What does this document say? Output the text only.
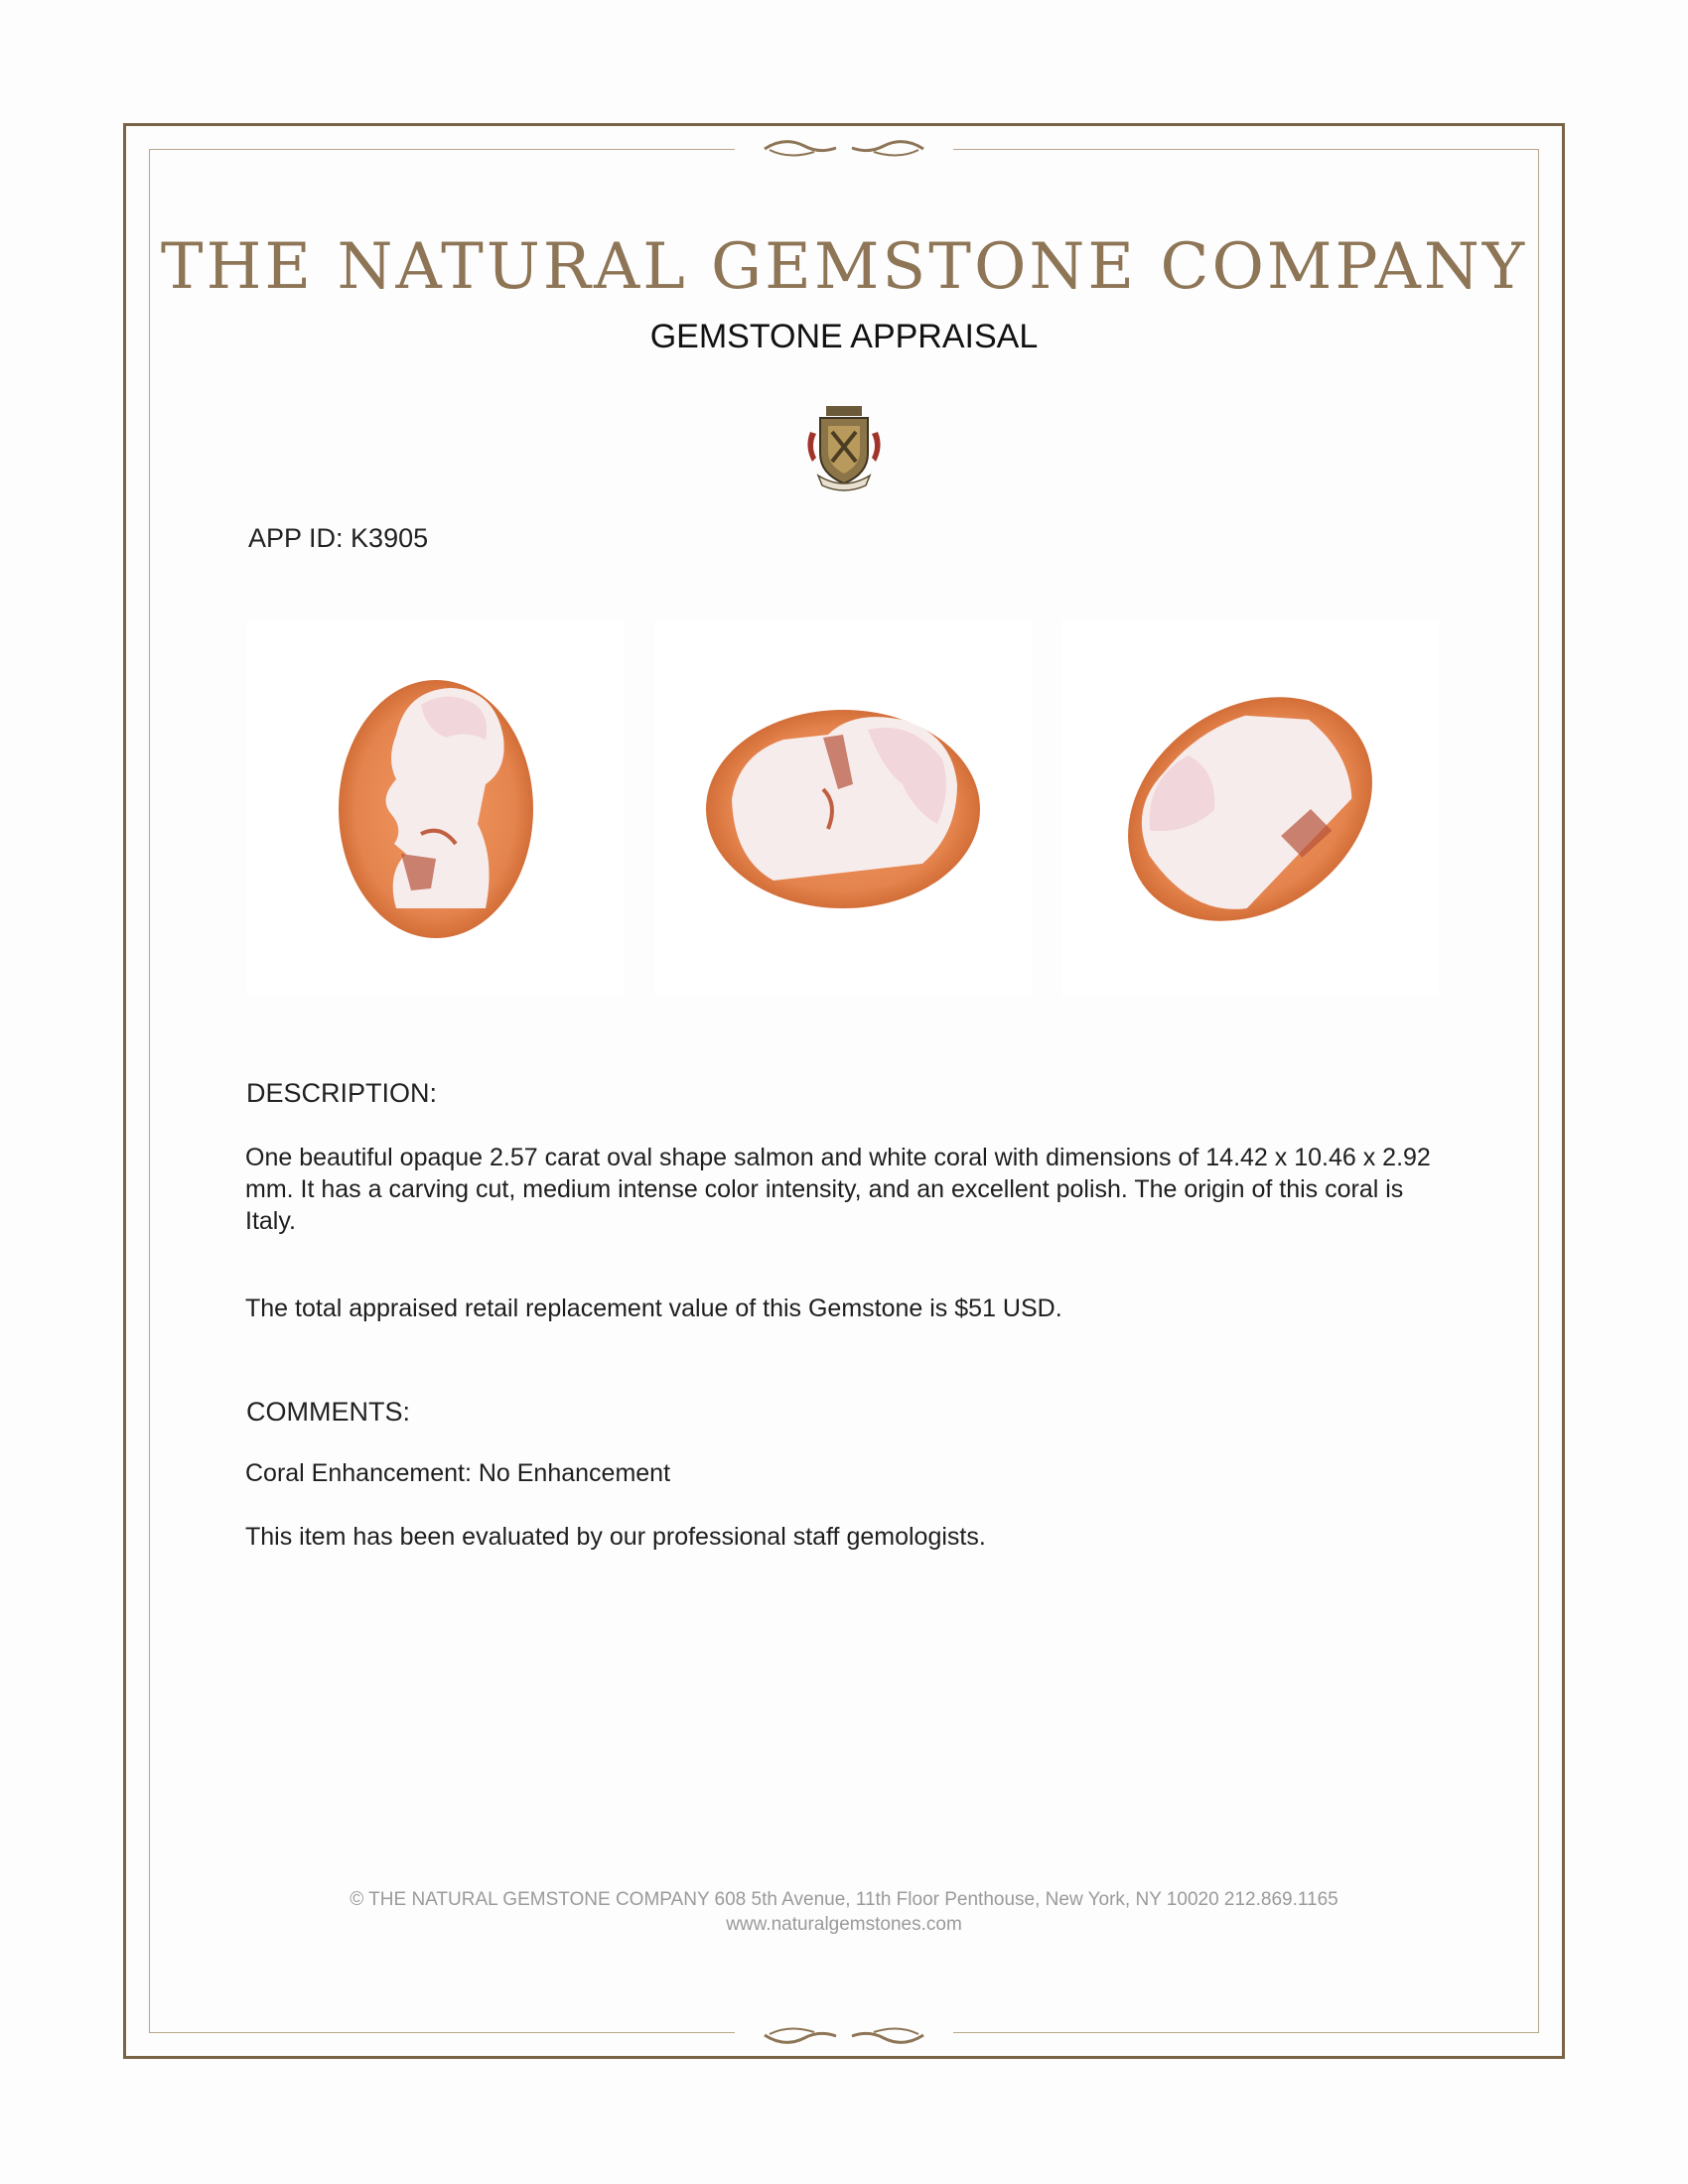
THE NATURAL GEMSTONE COMPANY
GEMSTONE APPRAISAL
APP ID: K3905
DESCRIPTION:
One beautiful opaque 2.57 carat oval shape salmon and white coral with dimensions of 14.42 x 10.46 x 2.92 mm. It has a carving cut, medium intense color intensity, and an excellent polish. The origin of this coral is Italy.
The total appraised retail replacement value of this Gemstone is $51 USD.
COMMENTS:
Coral Enhancement: No Enhancement
This item has been evaluated by our professional staff gemologists.
© THE NATURAL GEMSTONE COMPANY 608 5th Avenue, 11th Floor Penthouse, New York, NY 10020 212.869.1165
www.naturalgemstones.com
